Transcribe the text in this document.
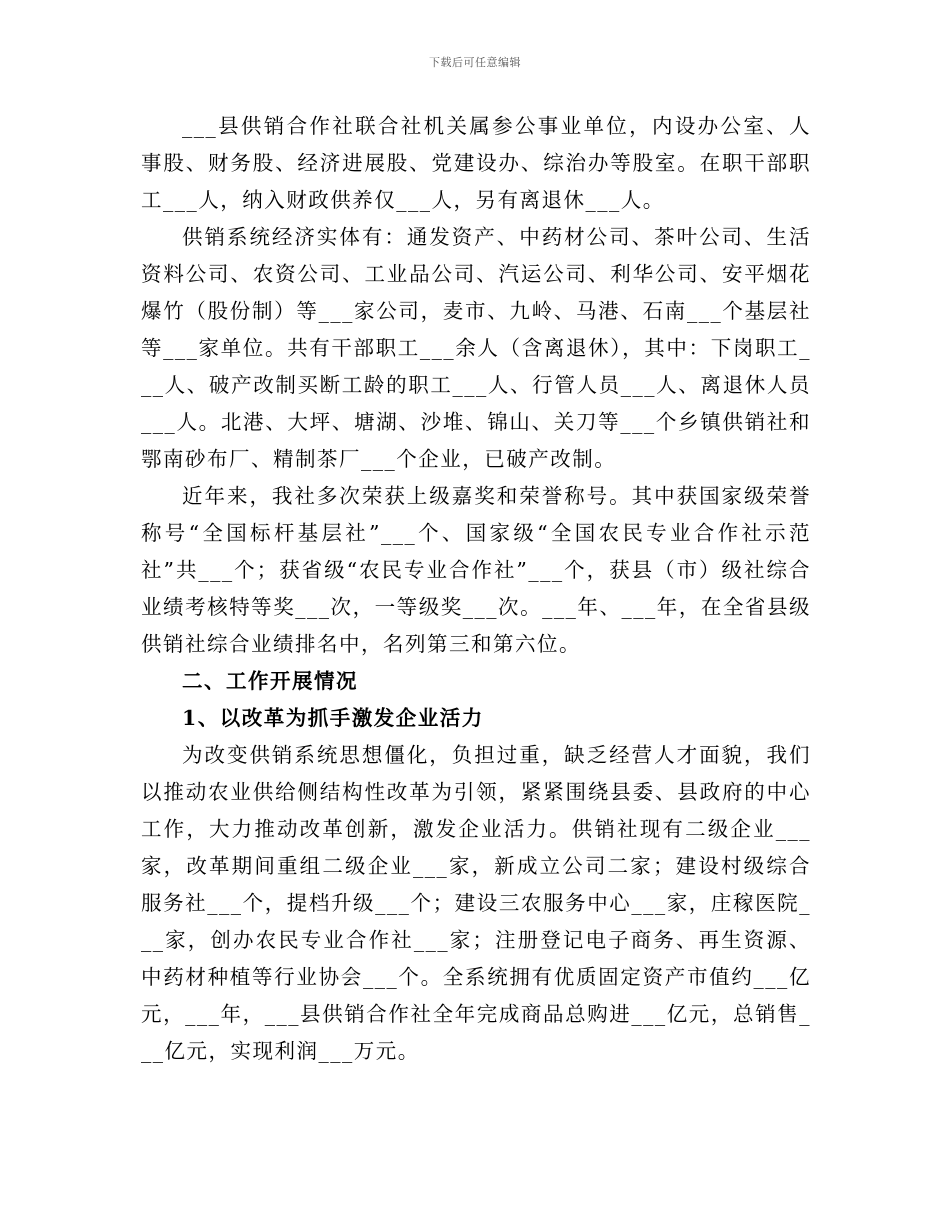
下载后可任意编辑

___县供销合作社联合社机关属参公事业单位，内设办公室、人事股、财务股、经济进展股、党建设办、综治办等股室。在职干部职工___人，纳入财政供养仅___人，另有离退休___人。

供销系统经济实体有：通发资产、中药材公司、茶叶公司、生活资料公司、农资公司、工业品公司、汽运公司、利华公司、安平烟花爆竹（股份制）等___家公司，麦市、九岭、马港、石南___个基层社等___家单位。共有干部职工___余人（含离退休），其中：下岗职工___人、破产改制买断工龄的职工___人、行管人员___人、离退休人员___人。北港、大坪、塘湖、沙堆、锦山、关刀等___个乡镇供销社和鄂南砂布厂、精制茶厂___个企业，已破产改制。

近年来，我社多次荣获上级嘉奖和荣誉称号。其中获国家级荣誉称号“全国标杆基层社”___个、国家级“全国农民专业合作社示范社”共___个；获省级“农民专业合作社”___个，获县（市）级社综合业绩考核特等奖___次，一等级奖___次。___年、___年，在全省县级供销社综合业绩排名中，名列第三和第六位。

二、工作开展情况

1、以改革为抓手激发企业活力

为改变供销系统思想僵化，负担过重，缺乏经营人才面貌，我们以推动农业供给侧结构性改革为引领，紧紧围绕县委、县政府的中心工作，大力推动改革创新，激发企业活力。供销社现有二级企业___家，改革期间重组二级企业___家，新成立公司二家；建设村级综合服务社___个，提档升级___个；建设三农服务中心___家，庄稼医院___家，创办农民专业合作社___家；注册登记电子商务、再生资源、中药材种植等行业协会___个。全系统拥有优质固定资产市值约___亿元，___年，___县供销合作社全年完成商品总购进___亿元，总销售___亿元，实现利润___万元。
